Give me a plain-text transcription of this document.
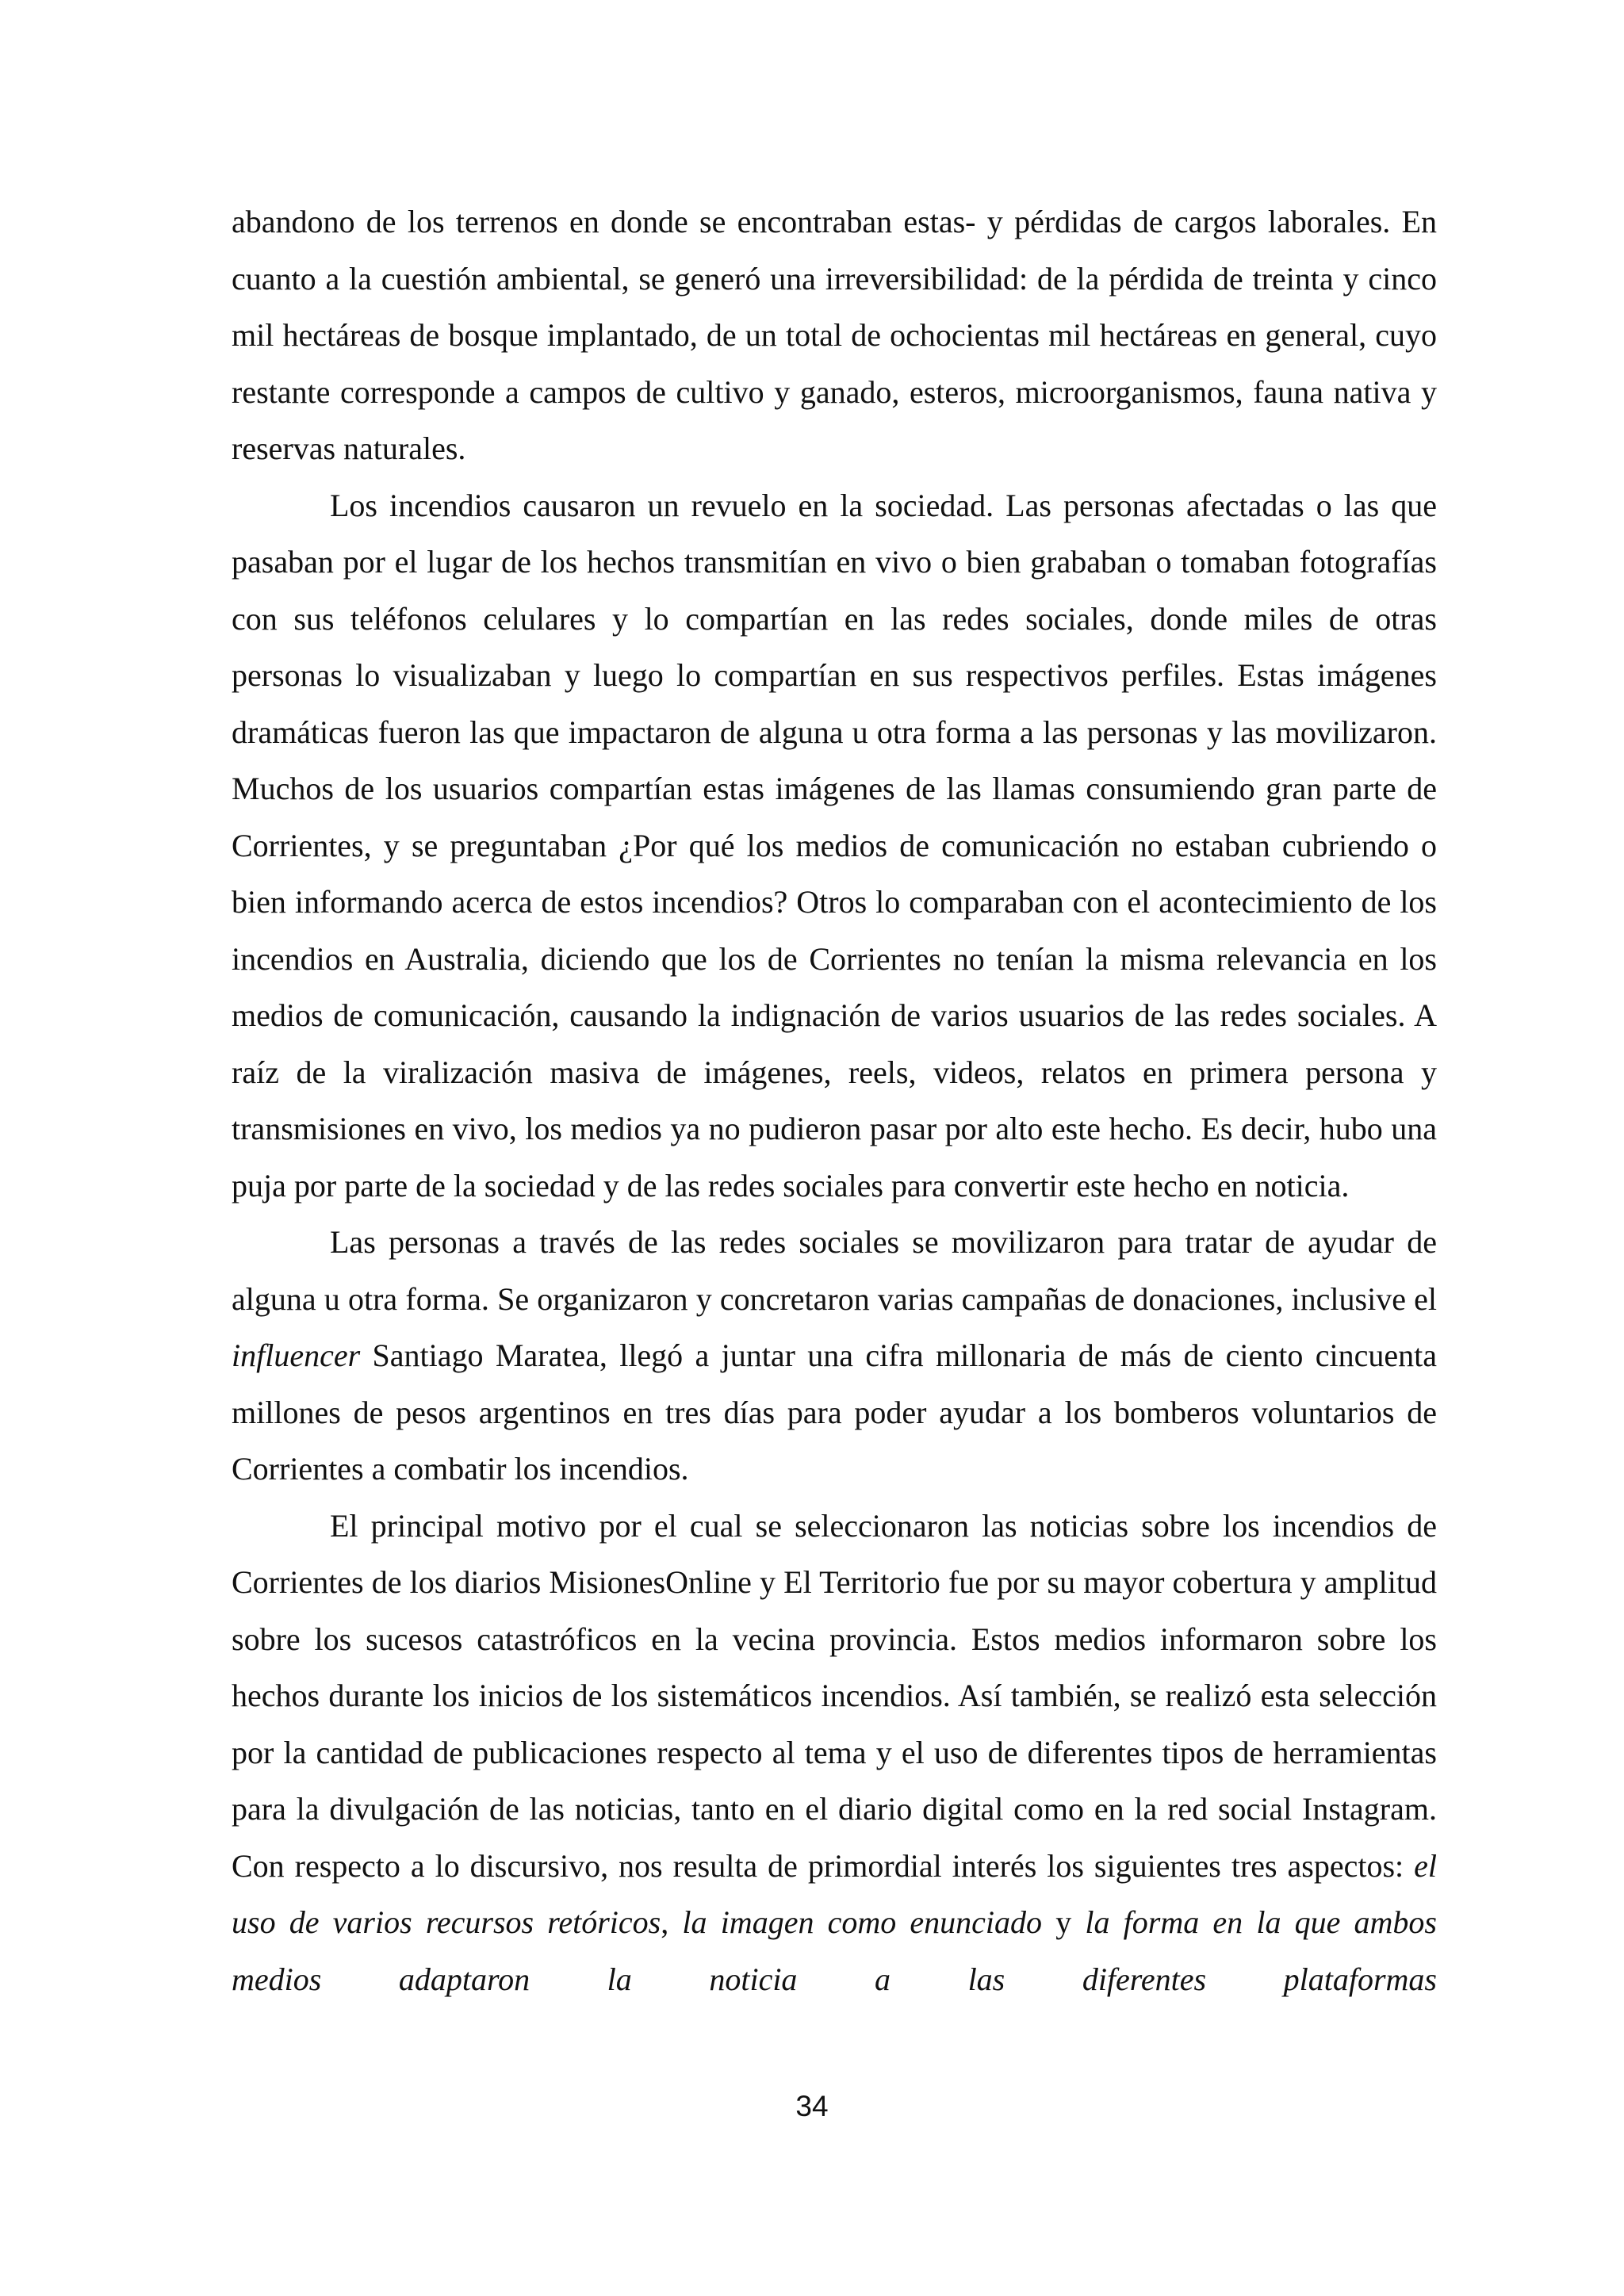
abandono de los terrenos en donde se encontraban estas- y pérdidas de cargos laborales. En cuanto a la cuestión ambiental, se generó una irreversibilidad: de la pérdida de treinta y cinco mil hectáreas de bosque implantado, de un total de ochocientas mil hectáreas en general, cuyo restante corresponde a campos de cultivo y ganado, esteros, microorganismos, fauna nativa y reservas naturales.

Los incendios causaron un revuelo en la sociedad. Las personas afectadas o las que pasaban por el lugar de los hechos transmitían en vivo o bien grababan o tomaban fotografías con sus teléfonos celulares y lo compartían en las redes sociales, donde miles de otras personas lo visualizaban y luego lo compartían en sus respectivos perfiles. Estas imágenes dramáticas fueron las que impactaron de alguna u otra forma a las personas y las movilizaron. Muchos de los usuarios compartían estas imágenes de las llamas consumiendo gran parte de Corrientes, y se preguntaban ¿Por qué los medios de comunicación no estaban cubriendo o bien informando acerca de estos incendios? Otros lo comparaban con el acontecimiento de los incendios en Australia, diciendo que los de Corrientes no tenían la misma relevancia en los medios de comunicación, causando la indignación de varios usuarios de las redes sociales. A raíz de la viralización masiva de imágenes, reels, videos, relatos en primera persona y transmisiones en vivo, los medios ya no pudieron pasar por alto este hecho. Es decir, hubo una puja por parte de la sociedad y de las redes sociales para convertir este hecho en noticia.

Las personas a través de las redes sociales se movilizaron para tratar de ayudar de alguna u otra forma. Se organizaron y concretaron varias campañas de donaciones, inclusive el influencer Santiago Maratea, llegó a juntar una cifra millonaria de más de ciento cincuenta millones de pesos argentinos en tres días para poder ayudar a los bomberos voluntarios de Corrientes a combatir los incendios.

El principal motivo por el cual se seleccionaron las noticias sobre los incendios de Corrientes de los diarios MisionesOnline y El Territorio fue por su mayor cobertura y amplitud sobre los sucesos catastróficos en la vecina provincia. Estos medios informaron sobre los hechos durante los inicios de los sistemáticos incendios. Así también, se realizó esta selección por la cantidad de publicaciones respecto al tema y el uso de diferentes tipos de herramientas para la divulgación de las noticias, tanto en el diario digital como en la red social Instagram. Con respecto a lo discursivo, nos resulta de primordial interés los siguientes tres aspectos: el uso de varios recursos retóricos, la imagen como enunciado y la forma en la que ambos medios adaptaron la noticia a las diferentes plataformas

34
